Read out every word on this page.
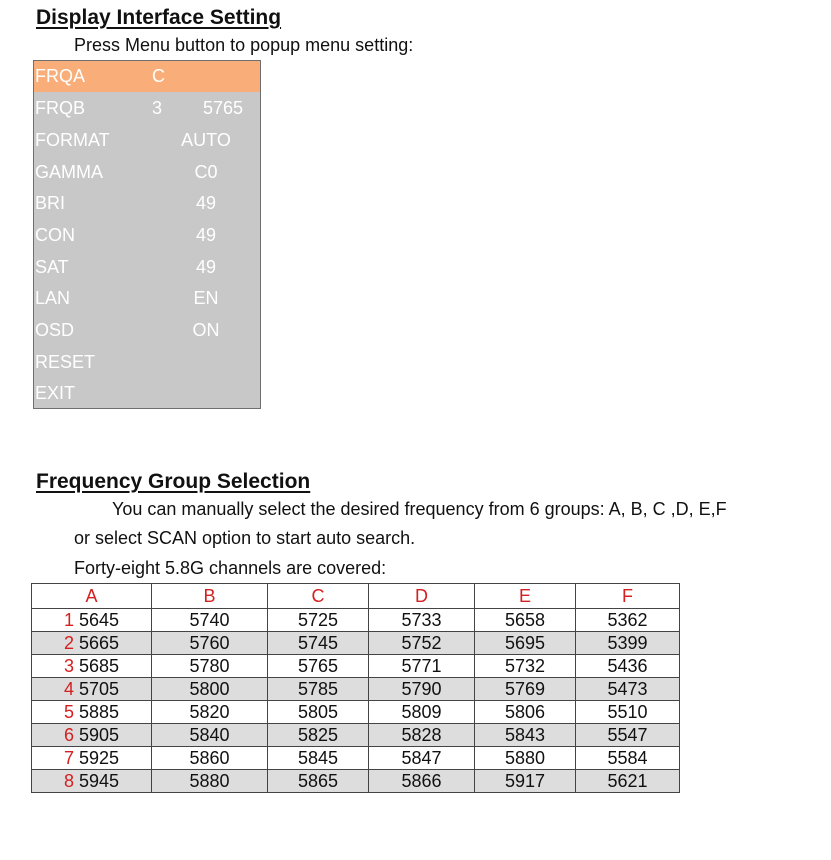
Display Interface Setting
Press Menu button to popup menu setting:
FRQA	C
FRQB	3 5765
FORMAT	AUTO
GAMMA	C0
BRI	49
CON	49
SAT	49
LAN	EN
OSD	ON
RESET
EXIT
Frequency Group Selection
You can manually select the desired frequency from 6 groups: A, B, C ,D, E,F
or select SCAN option to start auto search.
Forty-eight 5.8G channels are covered:
A	B	C	D	E	F
1 5645	5740	5725	5733	5658	5362
2 5665	5760	5745	5752	5695	5399
3 5685	5780	5765	5771	5732	5436
4 5705	5800	5785	5790	5769	5473
5 5885	5820	5805	5809	5806	5510
6 5905	5840	5825	5828	5843	5547
7 5925	5860	5845	5847	5880	5584
8 5945	5880	5865	5866	5917	5621
